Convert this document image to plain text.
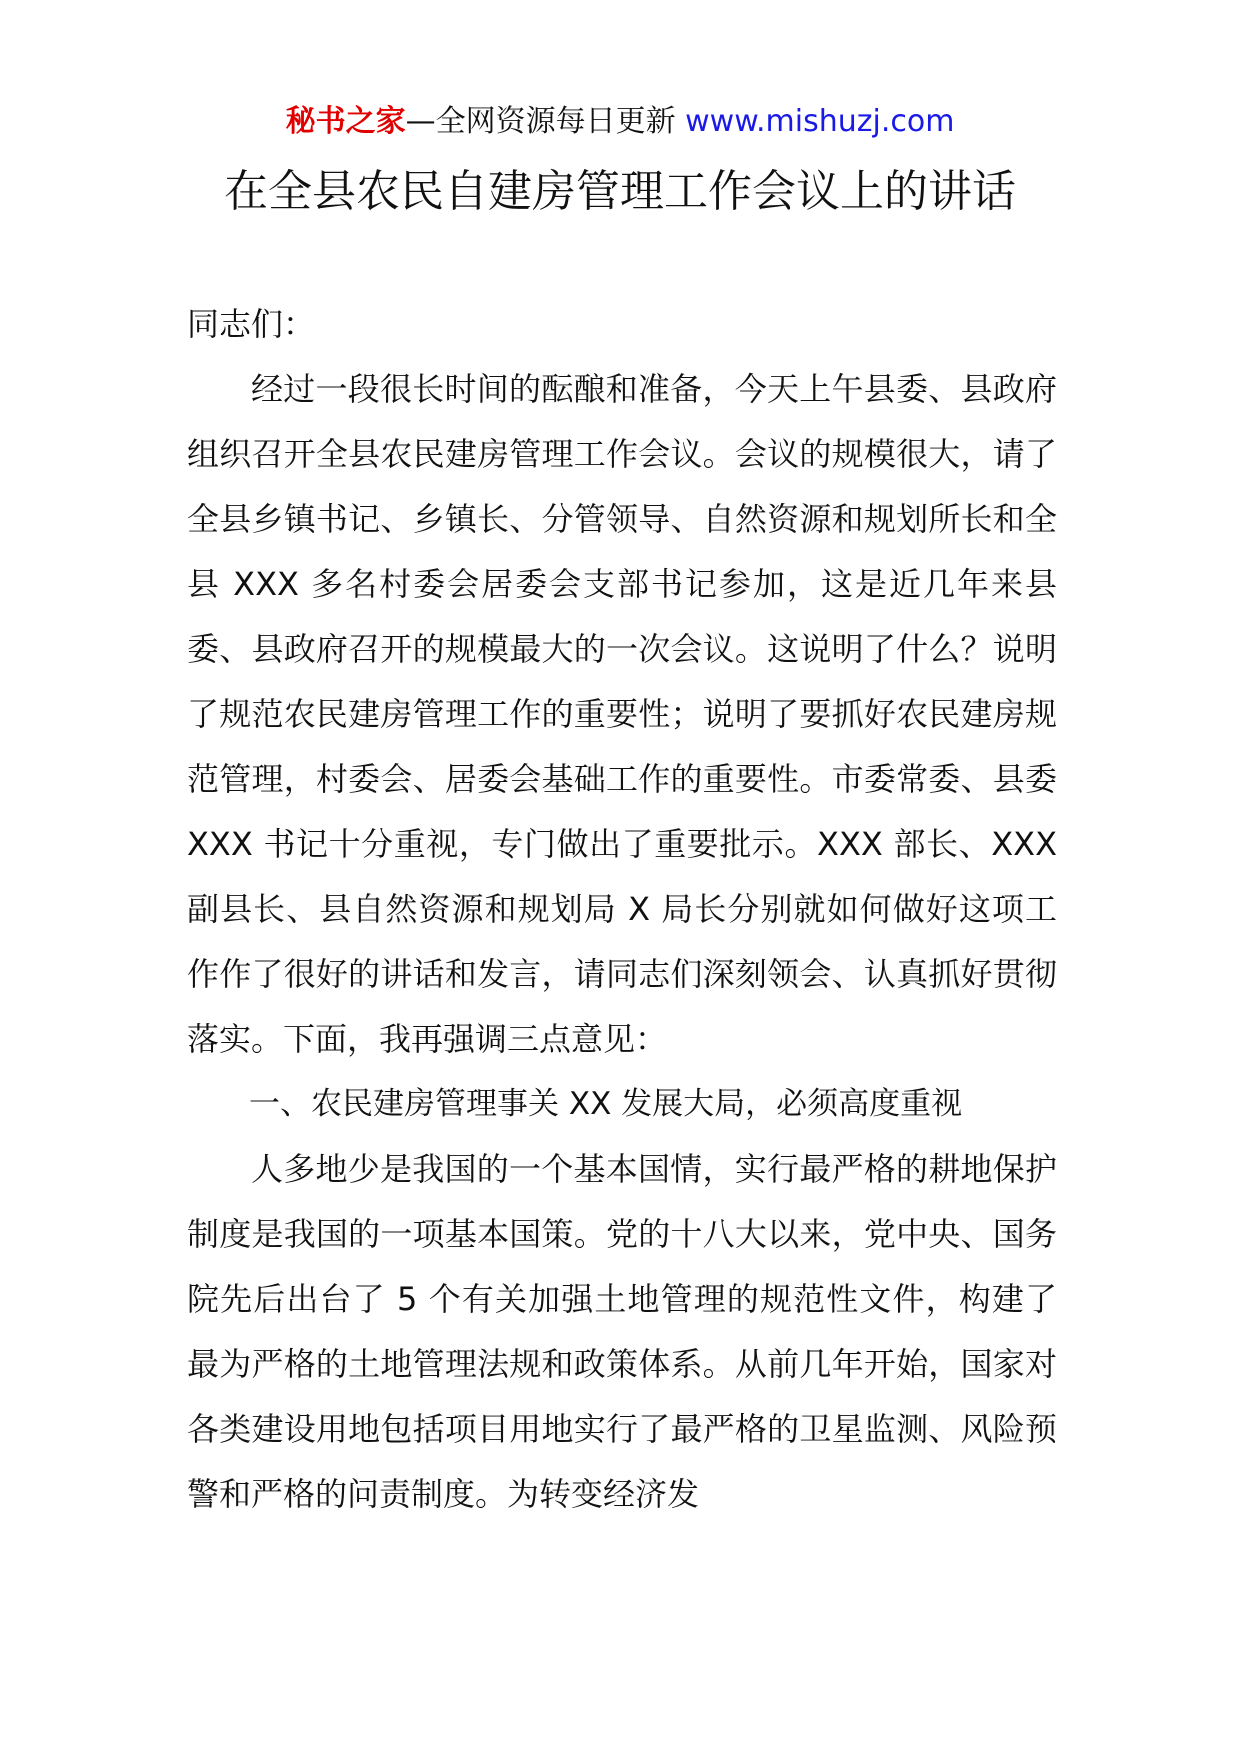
秘书之家—全网资源每日更新 www.mishuzj.com
在全县农民自建房管理工作会议上的讲话

同志们：

经过一段很长时间的酝酿和准备，今天上午县委、县政府组织召开全县农民建房管理工作会议。会议的规模很大，请了全县乡镇书记、乡镇长、分管领导、自然资源和规划所长和全县 XXX 多名村委会居委会支部书记参加，这是近几年来县委、县政府召开的规模最大的一次会议。这说明了什么？说明了规范农民建房管理工作的重要性；说明了要抓好农民建房规范管理，村委会、居委会基础工作的重要性。市委常委、县委 XXX 书记十分重视，专门做出了重要批示。XXX 部长、XXX 副县长、县自然资源和规划局 X 局长分别就如何做好这项工作作了很好的讲话和发言，请同志们深刻领会、认真抓好贯彻落实。下面，我再强调三点意见：

一、农民建房管理事关 XX 发展大局，必须高度重视

人多地少是我国的一个基本国情，实行最严格的耕地保护制度是我国的一项基本国策。党的十八大以来，党中央、国务院先后出台了 5 个有关加强土地管理的规范性文件，构建了最为严格的土地管理法规和政策体系。从前几年开始，国家对各类建设用地包括项目用地实行了最严格的卫星监测、风险预警和严格的问责制度。为转变经济发
